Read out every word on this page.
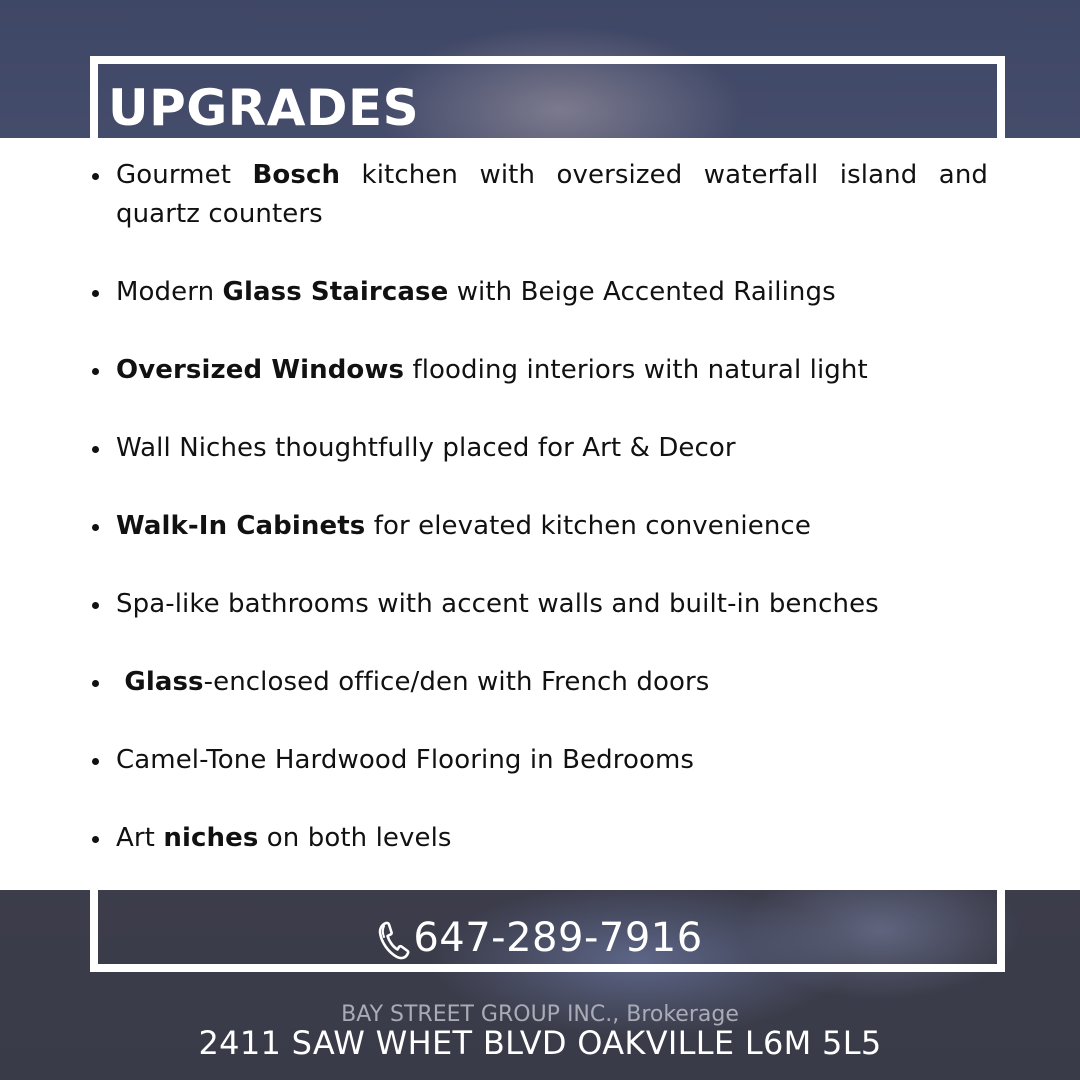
UPGRADES
Gourmet Bosch kitchen with oversized waterfall island and quartz counters
Modern Glass Staircase with Beige Accented Railings
Oversized Windows flooding interiors with natural light
Wall Niches thoughtfully placed for Art & Decor
Walk-In Cabinets for elevated kitchen convenience
Spa-like bathrooms with accent walls and built-in benches
Glass-enclosed office/den with French doors
Camel-Tone Hardwood Flooring in Bedrooms
Art niches on both levels
647-289-7916
BAY STREET GROUP INC., Brokerage
2411 SAW WHET BLVD OAKVILLE L6M 5L5
